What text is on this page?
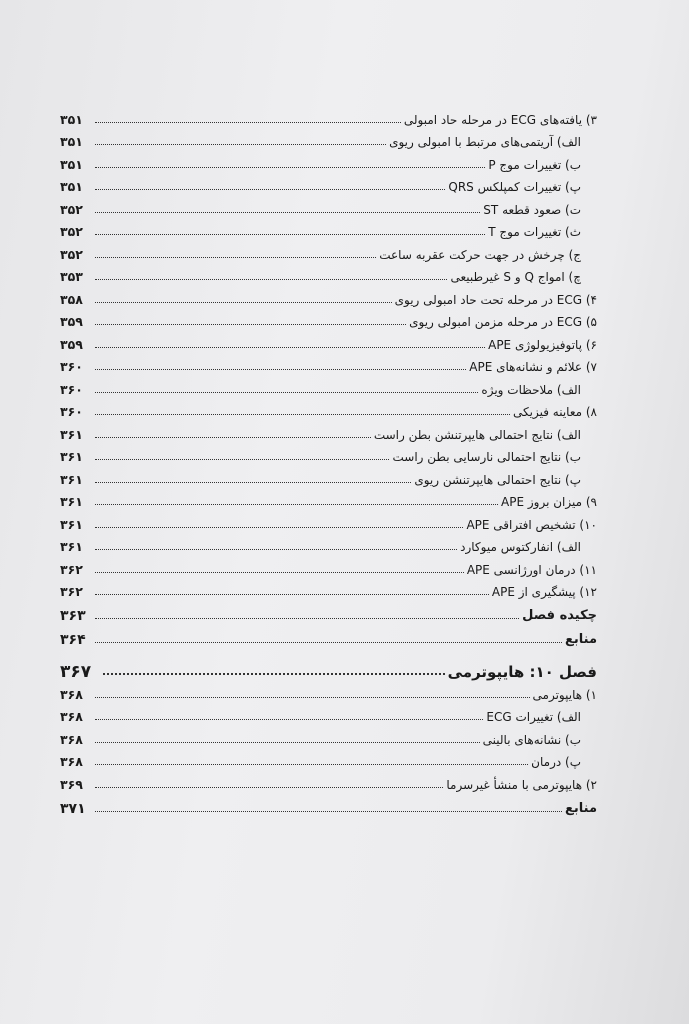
۳) یافته‌های ECG در مرحله حاد امبولی
۳۵۱
الف) آریتمی‌های مرتبط با امبولی ریوی
۳۵۱
ب) تغییرات موج P
۳۵۱
پ) تغییرات کمپلکس QRS
۳۵۱
ت) صعود قطعه ST
۳۵۲
ث) تغییرات موج T
۳۵۲
ج) چرخش در جهت حرکت عقربه ساعت
۳۵۲
چ) امواج Q و S غیرطبیعی
۳۵۳
۴) ECG در مرحله تحت حاد امبولی ریوی
۳۵۸
۵) ECG در مرحله مزمن امبولی ریوی
۳۵۹
۶) پاتوفیزیولوژی APE
۳۵۹
۷) علائم و نشانه‌های APE
۳۶۰
الف) ملاحظات ویژه
۳۶۰
۸) معاینه فیزیکی
۳۶۰
الف) نتایج احتمالی هایپرتنشن بطن راست
۳۶۱
ب) نتایج احتمالی نارسایی بطن راست
۳۶۱
پ) نتایج احتمالی هایپرتنشن ریوی
۳۶۱
۹) میزان بروز APE
۳۶۱
۱۰) تشخیص افتراقی APE
۳۶۱
الف) انفارکتوس میوکارد
۳۶۱
۱۱) درمان اورژانسی APE
۳۶۲
۱۲) پیشگیری از APE
۳۶۲
چکیده فصل
۳۶۳
منابع
۳۶۴
فصل ۱۰: هایپوترمی
۳۶۷
۱) هایپوترمی
۳۶۸
الف) تغییرات ECG
۳۶۸
ب) نشانه‌های بالینی
۳۶۸
پ) درمان
۳۶۸
۲) هایپوترمی با منشأ غیرسرما
۳۶۹
منابع
۳۷۱
